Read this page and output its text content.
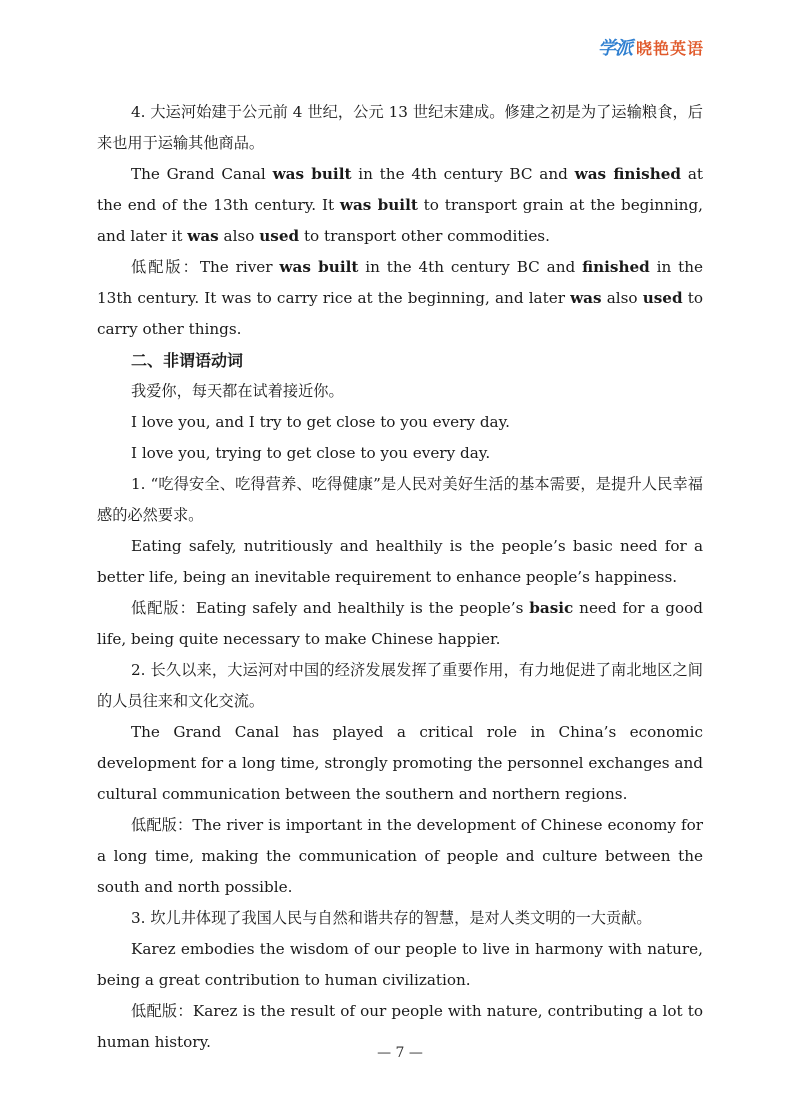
学派 晓艳英语

4. 大运河始建于公元前 4 世纪，公元 13 世纪末建成。修建之初是为了运输粮食，后来也用于运输其他商品。

The Grand Canal was built in the 4th century BC and was finished at the end of the 13th century. It was built to transport grain at the beginning, and later it was also used to transport other commodities.

低配版：The river was built in the 4th century BC and finished in the 13th century. It was to carry rice at the beginning, and later was also used to carry other things.

二、非谓语动词

我爱你，每天都在试着接近你。

I love you, and I try to get close to you every day.

I love you, trying to get close to you every day.

1. “吃得安全、吃得营养、吃得健康”是人民对美好生活的基本需要，是提升人民幸福感的必然要求。

Eating safely, nutritiously and healthily is the people’s basic need for a better life, being an inevitable requirement to enhance people’s happiness.

低配版：Eating safely and healthily is the people’s basic need for a good life, being quite necessary to make Chinese happier.

2. 长久以来，大运河对中国的经济发展发挥了重要作用，有力地促进了南北地区之间的人员往来和文化交流。

The Grand Canal has played a critical role in China’s economic development for a long time, strongly promoting the personnel exchanges and cultural communication between the southern and northern regions.

低配版：The river is important in the development of Chinese economy for a long time, making the communication of people and culture between the south and north possible.

3. 坎儿井体现了我国人民与自然和谐共存的智慧，是对人类文明的一大贡献。

Karez embodies the wisdom of our people to live in harmony with nature, being a great contribution to human civilization.

低配版：Karez is the result of our people with nature, contributing a lot to human history.

— 7 —
